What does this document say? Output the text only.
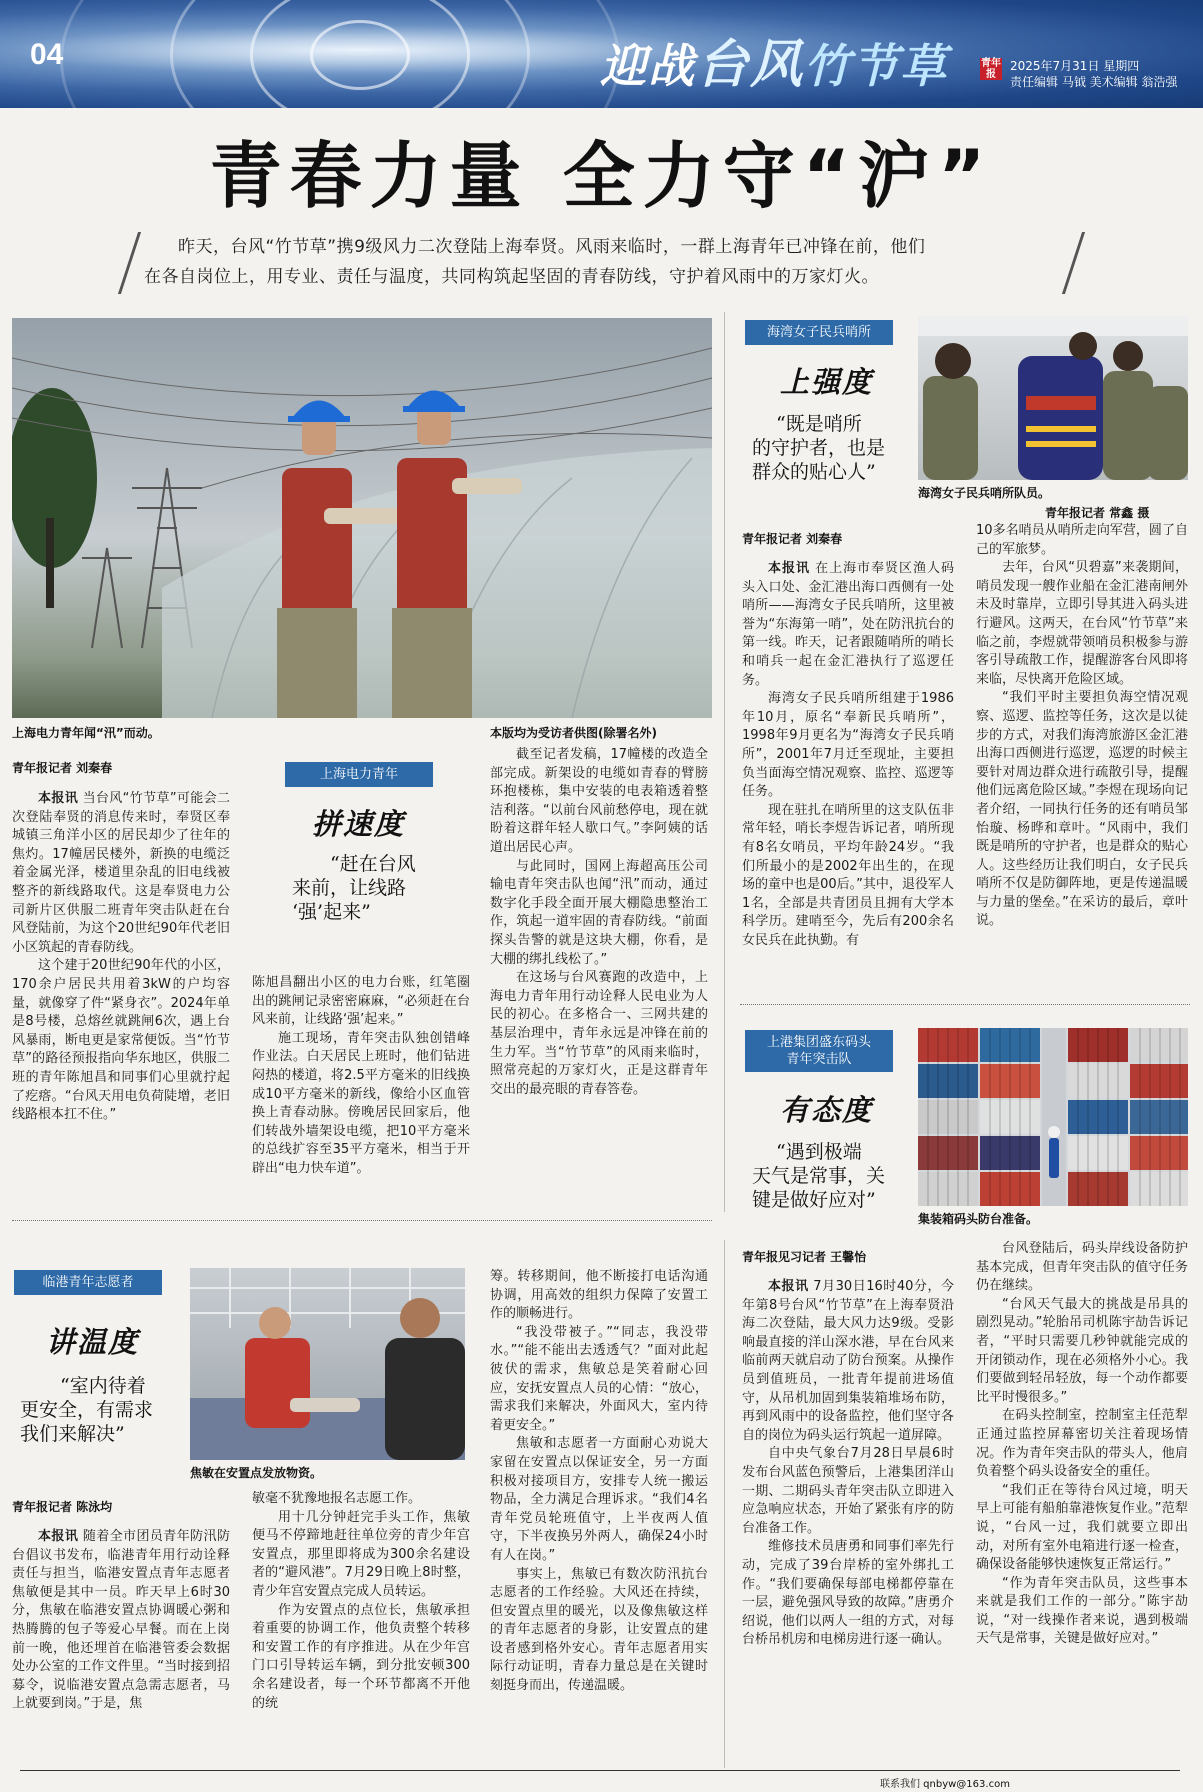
04	迎战台风竹节草	青年报
2025年7月31日 星期四
责任编辑 马钺 美术编辑 翁浩强
青春力量 全力守“沪”
昨天，台风“竹节草”携9级风力二次登陆上海奉贤。风雨来临时，一群上海青年已冲锋在前，他们
在各自岗位上，用专业、责任与温度，共同构筑起坚固的青春防线，守护着风雨中的万家灯火。
上海电力青年闻“汛”而动。	本版均为受访者供图(除署名外)
青年报记者 刘秦春

本报讯 当台风“竹节草”可能会二次登陆奉贤的消息传来时，奉贤区奉城镇三角洋小区的居民却少了往年的焦灼。17幢居民楼外，新换的电缆泛着金属光泽，楼道里杂乱的旧电线被整齐的新线路取代。这是奉贤电力公司新片区供服二班青年突击队赶在台风登陆前，为这个20世纪90年代老旧小区筑起的青春防线。

这个建于20世纪90年代的小区，170余户居民共用着3kW的户均容量，就像穿了件“紧身衣”。2024年单是8号楼，总熔丝就跳闸6次，遇上台风暴雨，断电更是家常便饭。当“竹节草”的路径预报指向华东地区，供服二班的青年陈旭昌和同事们心里就拧起了疙瘩。“台风天用电负荷陡增，老旧线路根本扛不住。”

上海电力青年
拼速度
“赶在台风
来前，让线路
‘强’起来”

陈旭昌翻出小区的电力台账，红笔圈出的跳闸记录密密麻麻，“必须赶在台风来前，让线路‘强’起来。”

施工现场，青年突击队独创错峰作业法。白天居民上班时，他们钻进闷热的楼道，将2.5平方毫米的旧线换成10平方毫米的新线，像给小区血管换上青春动脉。傍晚居民回家后，他们转战外墙架设电缆，把10平方毫米的总线扩容至35平方毫米，相当于开辟出“电力快车道”。

截至记者发稿，17幢楼的改造全部完成。新架设的电缆如青春的臂膀环抱楼栋，集中安装的电表箱透着整洁利落。“以前台风前愁停电，现在就盼着这群年轻人歇口气。”李阿姨的话道出居民心声。

与此同时，国网上海超高压公司输电青年突击队也闻“汛”而动，通过数字化手段全面开展大棚隐患整治工作，筑起一道牢固的青春防线。“前面探头告警的就是这块大棚，你看，是大棚的绑扎线松了。”

在这场与台风赛跑的改造中，上海电力青年用行动诠释人民电业为人民的初心。在多格合一、三网共建的基层治理中，青年永远是冲锋在前的生力军。当“竹节草”的风雨来临时，照常亮起的万家灯火，正是这群青年交出的最亮眼的青春答卷。

海湾女子民兵哨所
上强度
“既是哨所
的守护者，也是
群众的贴心人”
海湾女子民兵哨所队员。
青年报记者 常鑫 摄
青年报记者 刘秦春

本报讯 在上海市奉贤区渔人码头入口处、金汇港出海口西侧有一处哨所——海湾女子民兵哨所，这里被誉为“东海第一哨”，处在防汛抗台的第一线。昨天，记者跟随哨所的哨长和哨兵一起在金汇港执行了巡逻任务。

海湾女子民兵哨所组建于1986年10月，原名“奉新民兵哨所”，1998年9月更名为“海湾女子民兵哨所”，2001年7月迁至现址，主要担负当面海空情况观察、监控、巡逻等任务。

现在驻扎在哨所里的这支队伍非常年轻，哨长李煜告诉记者，哨所现有8名女哨员，平均年龄24岁。“我们所最小的是2002年出生的，在现场的童中也是00后。”其中，退役军人1名，全部是共青团员且拥有大学本科学历。建哨至今，先后有200余名女民兵在此执勤。有

10多名哨员从哨所走向军营，圆了自己的军旅梦。

去年，台风“贝碧嘉”来袭期间，哨员发现一艘作业船在金汇港南闸外未及时靠岸，立即引导其进入码头进行避风。这两天，在台风“竹节草”来临之前，李煜就带领哨员积极参与游客引导疏散工作，提醒游客台风即将来临，尽快离开危险区域。

“我们平时主要担负海空情况观察、巡逻、监控等任务，这次是以徒步的方式，对我们海湾旅游区金汇港出海口西侧进行巡逻，巡逻的时候主要针对周边群众进行疏散引导，提醒他们远离危险区域。”李煜在现场向记者介绍，一同执行任务的还有哨员邹怡璇、杨晔和章叶。“风雨中，我们既是哨所的守护者，也是群众的贴心人。这些经历让我们明白，女子民兵哨所不仅是防御阵地，更是传递温暖与力量的堡垒。”在采访的最后，章叶说。

上港集团盛东码头
青年突击队
有态度
“遇到极端
天气是常事，关
键是做好应对”
集装箱码头防台准备。
青年报见习记者 王馨怡

本报讯 7月30日16时40分，今年第8号台风“竹节草”在上海奉贤沿海二次登陆，最大风力达9级。受影响最直接的洋山深水港，早在台风来临前两天就启动了防台预案。从操作员到值班员，一批青年提前进场值守，从吊机加固到集装箱堆场布防，再到风雨中的设备监控，他们坚守各自的岗位为码头运行筑起一道屏障。

自中央气象台7月28日早晨6时发布台风蓝色预警后，上港集团洋山一期、二期码头青年突击队立即进入应急响应状态，开始了紧张有序的防台准备工作。

维修技术员唐勇和同事们率先行动，完成了39台岸桥的室外绑扎工作。“我们要确保每部电梯都停靠在一层，避免强风导致的故障。”唐勇介绍说，他们以两人一组的方式，对每台桥吊机房和电梯房进行逐一确认。

台风登陆后，码头岸线设备防护基本完成，但青年突击队的值守任务仍在继续。

“台风天气最大的挑战是吊具的剧烈晃动。”轮胎吊司机陈宇劼告诉记者，“平时只需要几秒钟就能完成的开闭锁动作，现在必须格外小心。我们要做到轻吊轻放，每一个动作都要比平时慢很多。”

在码头控制室，控制室主任范犁正通过监控屏幕密切关注着现场情况。作为青年突击队的带头人，他肩负着整个码头设备安全的重任。

“我们正在等待台风过境，明天早上可能有船舶靠港恢复作业。”范犁说，“台风一过，我们就要立即出动，对所有室外电箱进行逐一检查，确保设备能够快速恢复正常运行。”

“作为青年突击队员，这些事本来就是我们工作的一部分。”陈宇劼说，“对一线操作者来说，遇到极端天气是常事，关键是做好应对。”

临港青年志愿者
讲温度
“室内待着
更安全，有需求
我们来解决”
焦敏在安置点发放物资。
青年报记者 陈泳均

本报讯 随着全市团员青年防汛防台倡议书发布，临港青年用行动诠释责任与担当，临港安置点青年志愿者焦敏便是其中一员。昨天早上6时30分，焦敏在临港安置点协调暖心粥和热腾腾的包子等爱心早餐。而在上岗前一晚，他还埋首在临港管委会数据处办公室的工作文件里。“当时接到招募令，说临港安置点急需志愿者，马上就要到岗。”于是，焦

敏毫不犹豫地报名志愿工作。

用十几分钟赶完手头工作，焦敏便马不停蹄地赶往单位旁的青少年宫安置点，那里即将成为300余名建设者的“避风港”。7月29日晚上8时整，青少年宫安置点完成人员转运。

作为安置点的点位长，焦敏承担着重要的协调工作，他负责整个转移和安置工作的有序推进。从在少年宫门口引导转运车辆，到分批安顿300余名建设者，每一个环节都离不开他的统

筹。转移期间，他不断接打电话沟通协调，用高效的组织力保障了安置工作的顺畅进行。

“我没带被子。”“同志，我没带水。”“能不能出去透透气？”面对此起彼伏的需求，焦敏总是笑着耐心回应，安抚安置点人员的心情：“放心，需求我们来解决，外面风大，室内待着更安全。”

焦敏和志愿者一方面耐心劝说大家留在安置点以保证安全，另一方面积极对接项目方，安排专人统一搬运物品，全力满足合理诉求。“我们4名青年党员轮班值守，上半夜两人值守，下半夜换另外两人，确保24小时有人在岗。”

事实上，焦敏已有数次防汛抗台志愿者的工作经验。大风还在持续，但安置点里的暖光，以及像焦敏这样的青年志愿者的身影，让安置点的建设者感到格外安心。青年志愿者用实际行动证明，青春力量总是在关键时刻挺身而出，传递温暖。

联系我们 qnbyw@163.com
